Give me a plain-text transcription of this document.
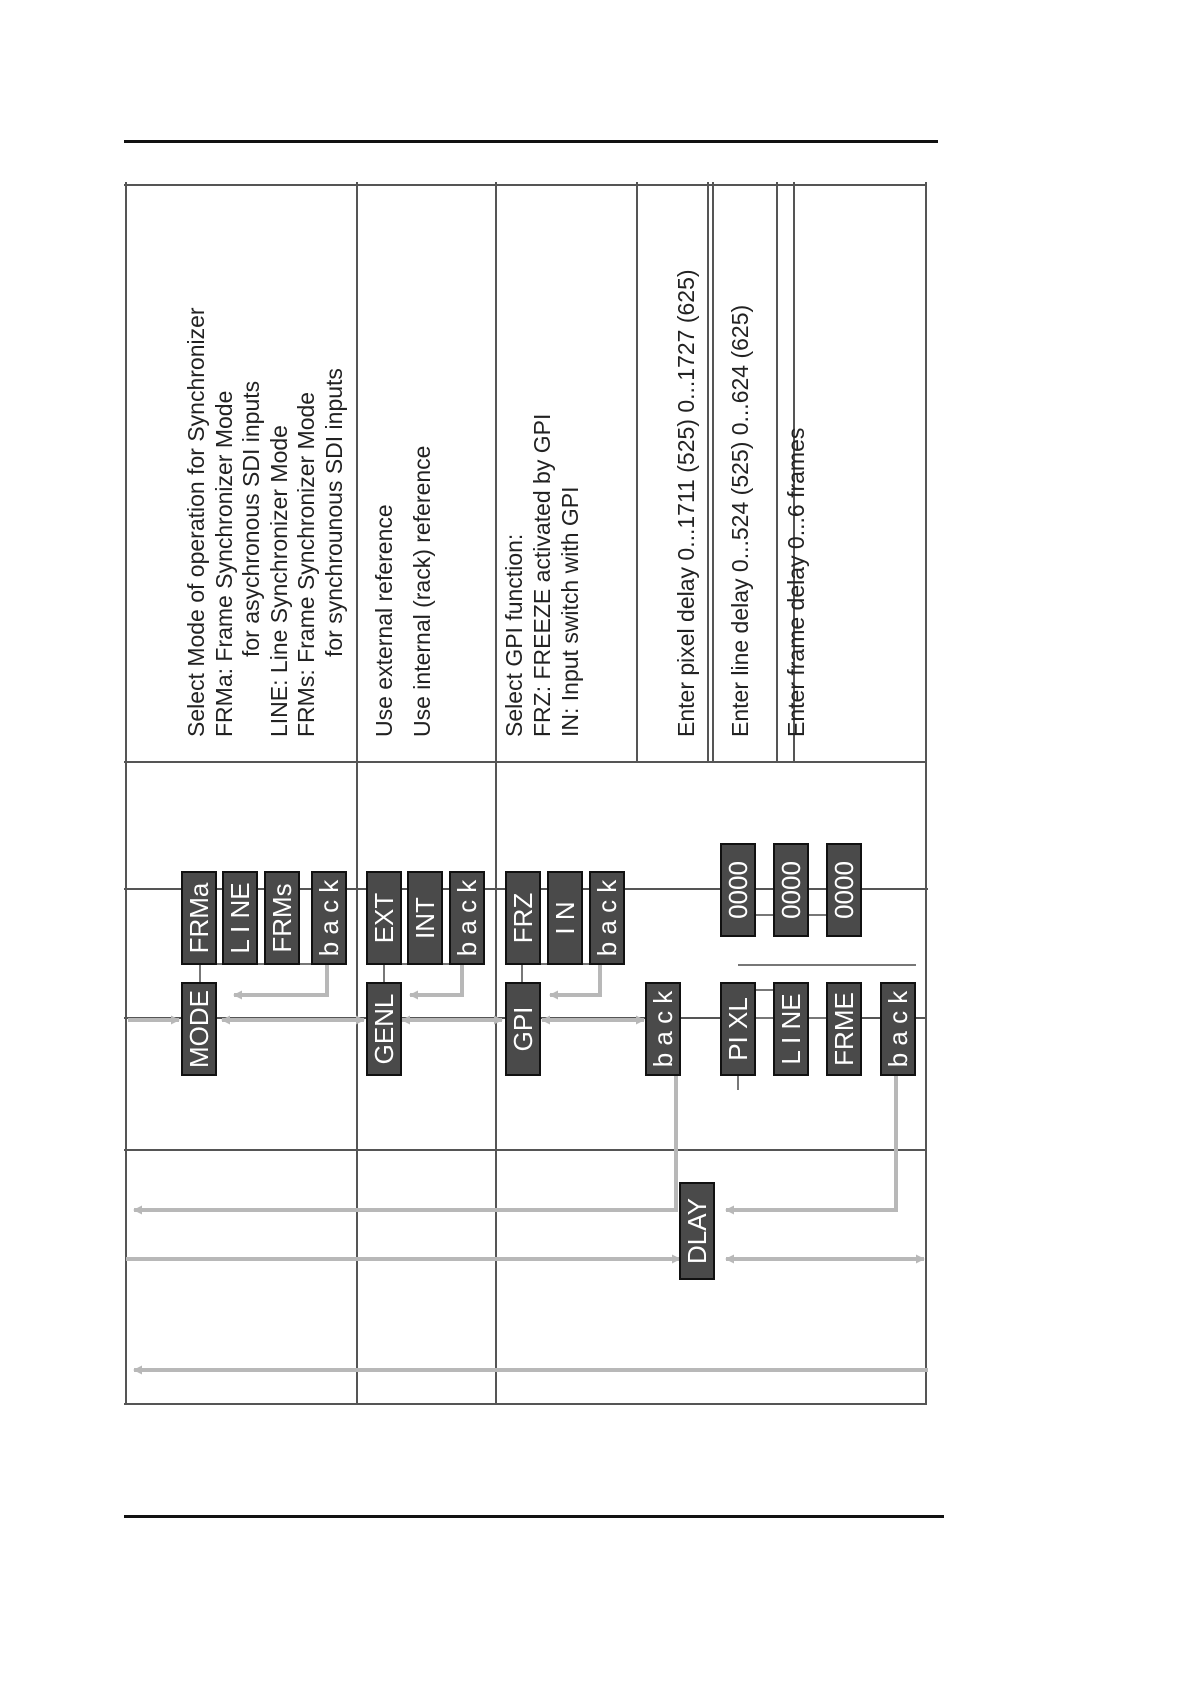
MODE	GENL	GPI	b a c k
FRMa L I NE FRMs b a c k EXT INT b a c k FRZ I N b a c k
DLAY
PI XL L I NE FRME b a c k
0000 0000 0000
Select Mode of operation for Synchronizer FRMa: Frame Synchronizer Mode for asychronous SDI inputs LINE: Line Synchronizer Mode FRMs: Frame Synchronizer Mode for synchrounous SDI inputs Use external reference Use internal (rack) reference	Select GPI function: FRZ: FREEZE activated by GPI IN: Input switch with GPI	Enter pixel delay 0...1711 (525) 0...1727 (625) Enter line delay 0...524 (525) 0...624 (625) Enter frame delay 0...6 frames
